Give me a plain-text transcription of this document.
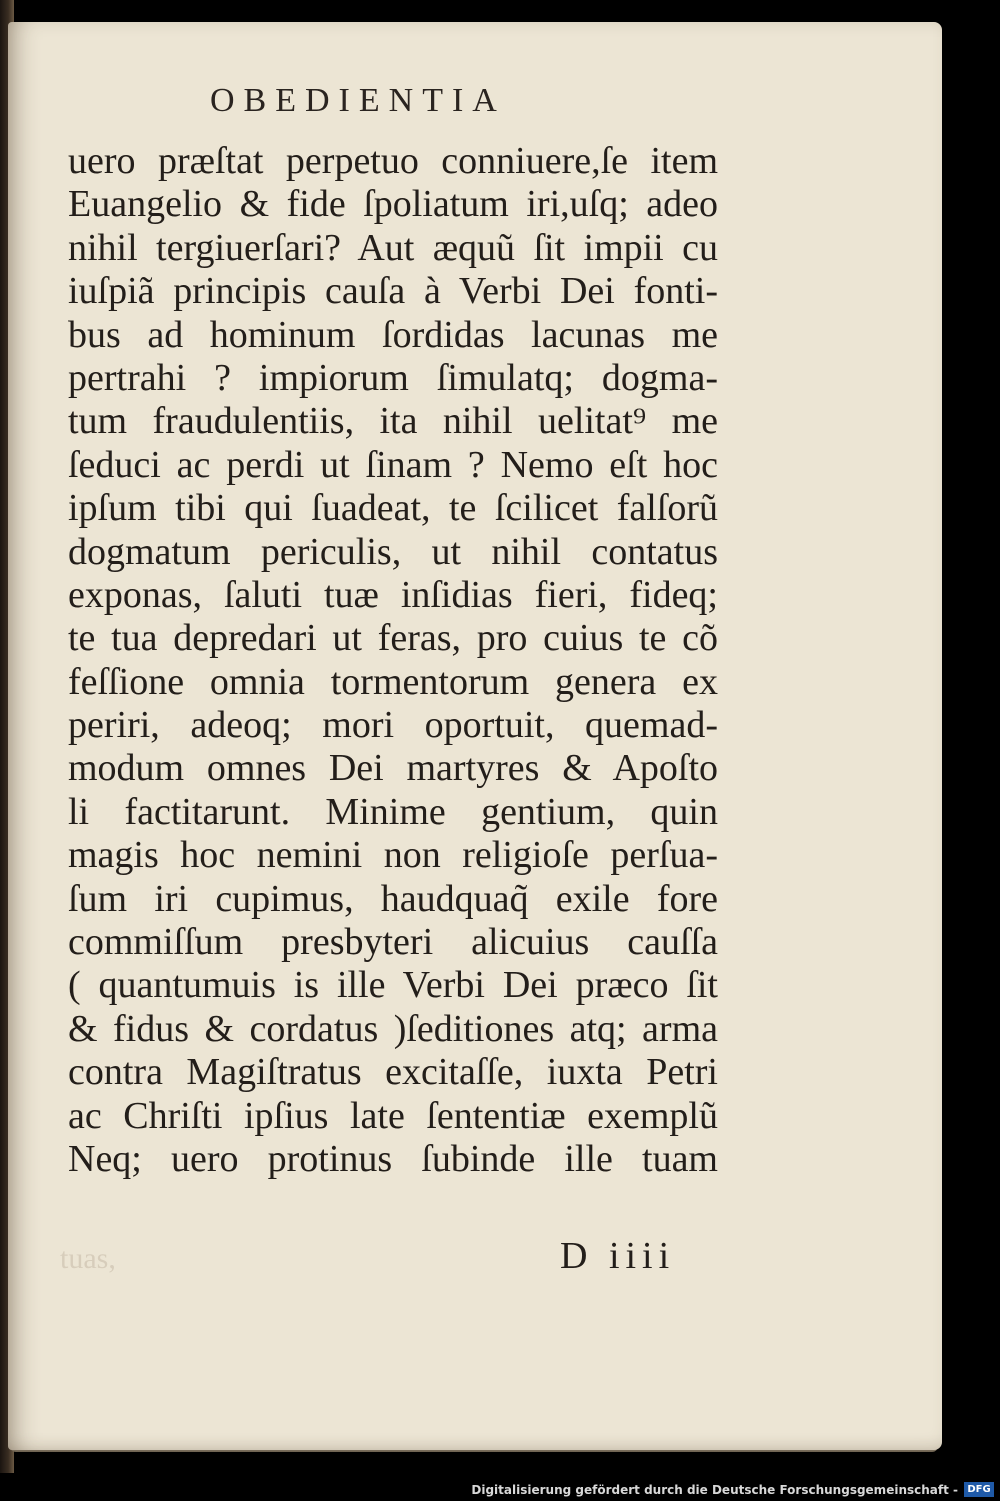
OBEDIENTIA
uero præſtat perpetuo conniuere,ſe item
Euangelio & fide ſpoliatum iri,uſq; adeo
nihil tergiuerſari? Aut æquũ ſit impii cu
iuſpiã principis cauſa à Verbi Dei fonti-
bus ad hominum ſordidas lacunas me
pertrahi ? impiorum ſimulatq; dogma-
tum fraudulentiis, ita nihil uelitat⁹ me
ſeduci ac perdi ut ſinam ? Nemo eſt hoc
ipſum tibi qui ſuadeat, te ſcilicet falſorũ
dogmatum periculis, ut nihil contatus
exponas, ſaluti tuæ inſidias fieri, fideq;
te tua depredari ut feras, pro cuius te cõ
feſſione omnia tormentorum genera ex
periri, adeoq; mori oportuit, quemad-
modum omnes Dei martyres & Apoſto
li factitarunt. Minime gentium, quin
magis hoc nemini non religioſe perſua-
ſum iri cupimus, haudquaq̃ exile fore
commiſſum presbyteri alicuius cauſſa
( quantumuis is ille Verbi Dei præco ſit
& fidus & cordatus )ſeditiones atq; arma
contra Magiſtratus excitaſſe, iuxta Petri
ac Chriſti ipſius late ſententiæ exemplũ
Neq; uero protinus ſubinde ille tuam
tuas,	D iiii
Digitalisierung gefördert durch die Deutsche Forschungsgemeinschaft - DFG
